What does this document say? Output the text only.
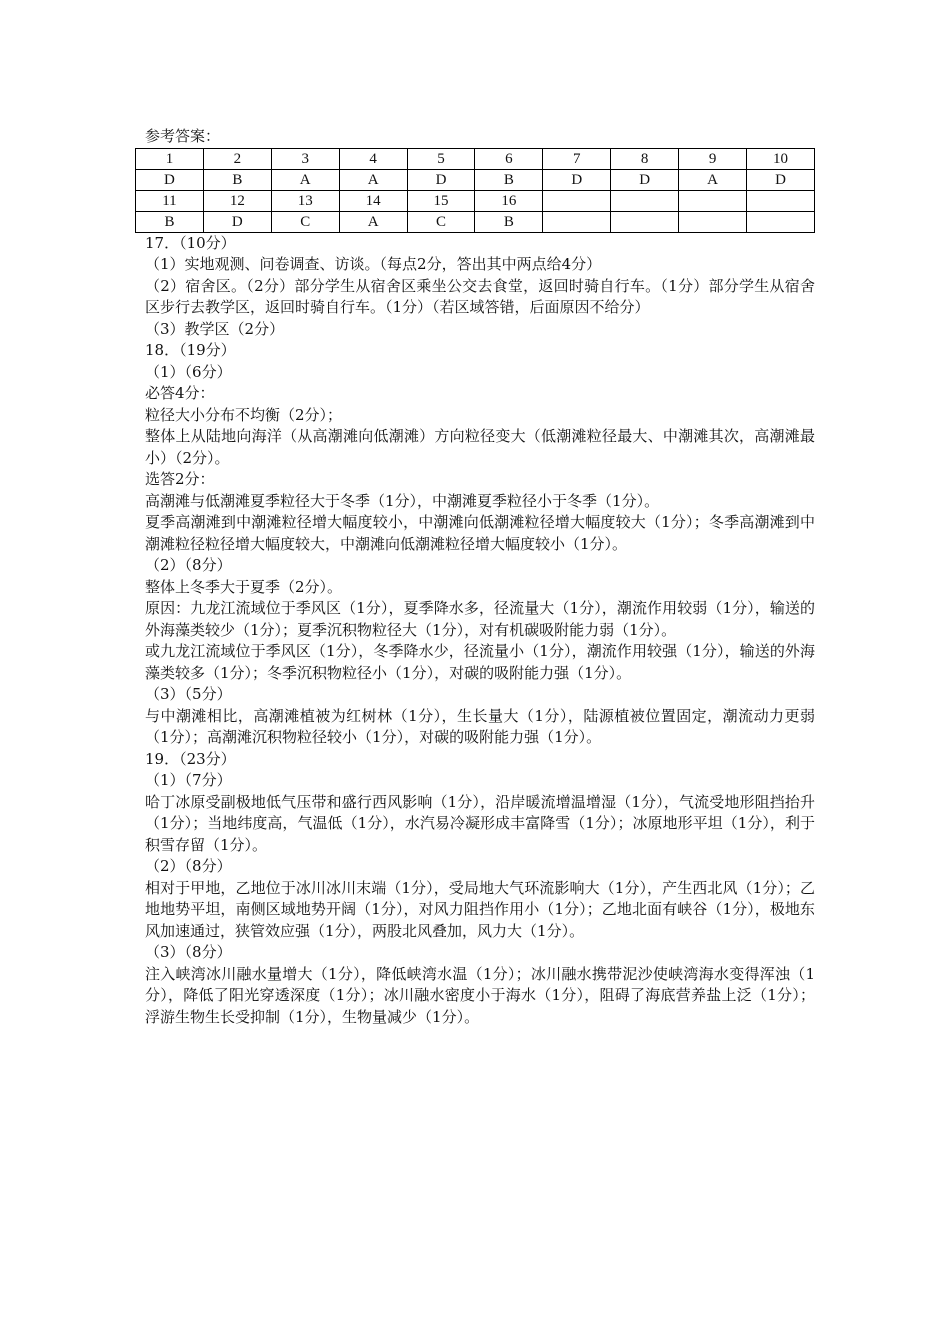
参考答案：

1	2	3	4	5	6	7	8	9	10
D	B	A	A	D	B	D	D	A	D
11	12	13	14	15	16				
B	D	C	A	C	B				

17．（10分）

（1）实地观测、问卷调查、访谈。（每点2分，答出其中两点给4分）

（2）宿舍区。（2分）部分学生从宿舍区乘坐公交去食堂，返回时骑自行车。（1分）部分学生从宿舍区步行去教学区，返回时骑自行车。（1分）（若区域答错，后面原因不给分）

（3）教学区（2分）

18．（19分）

（1）（6分）

必答4分：

粒径大小分布不均衡（2分）；

整体上从陆地向海洋（从高潮滩向低潮滩）方向粒径变大（低潮滩粒径最大、中潮滩其次，高潮滩最小）（2分）。

选答2分：

高潮滩与低潮滩夏季粒径大于冬季（1分），中潮滩夏季粒径小于冬季（1分）。

夏季高潮滩到中潮滩粒径增大幅度较小，中潮滩向低潮滩粒径增大幅度较大（1分）；冬季高潮滩到中潮滩粒径粒径增大幅度较大，中潮滩向低潮滩粒径增大幅度较小（1分）。

（2）（8分）

整体上冬季大于夏季（2分）。

原因：九龙江流域位于季风区（1分），夏季降水多，径流量大（1分），潮流作用较弱（1分），输送的外海藻类较少（1分）；夏季沉积物粒径大（1分），对有机碳吸附能力弱（1分）。

或九龙江流域位于季风区（1分），冬季降水少，径流量小（1分），潮流作用较强（1分），输送的外海藻类较多（1分）；冬季沉积物粒径小（1分），对碳的吸附能力强（1分）。

（3）（5分）

与中潮滩相比，高潮滩植被为红树林（1分），生长量大（1分），陆源植被位置固定，潮流动力更弱（1分）；高潮滩沉积物粒径较小（1分），对碳的吸附能力强（1分）。

19．（23分）

（1）（7分）

哈丁冰原受副极地低气压带和盛行西风影响（1分），沿岸暖流增温增湿（1分），气流受地形阻挡抬升（1分）；当地纬度高，气温低（1分），水汽易冷凝形成丰富降雪（1分）；冰原地形平坦（1分），利于积雪存留（1分）。

（2）（8分）

相对于甲地，乙地位于冰川冰川末端（1分），受局地大气环流影响大（1分），产生西北风（1分）；乙地地势平坦，南侧区域地势开阔（1分），对风力阻挡作用小（1分）；乙地北面有峡谷（1分），极地东风加速通过，狭管效应强（1分），两股北风叠加，风力大（1分）。

（3）（8分）

注入峡湾冰川融水量增大（1分），降低峡湾水温（1分）；冰川融水携带泥沙使峡湾海水变得浑浊（1分），降低了阳光穿透深度（1分）；冰川融水密度小于海水（1分），阻碍了海底营养盐上泛（1分）；浮游生物生长受抑制（1分），生物量减少（1分）。
